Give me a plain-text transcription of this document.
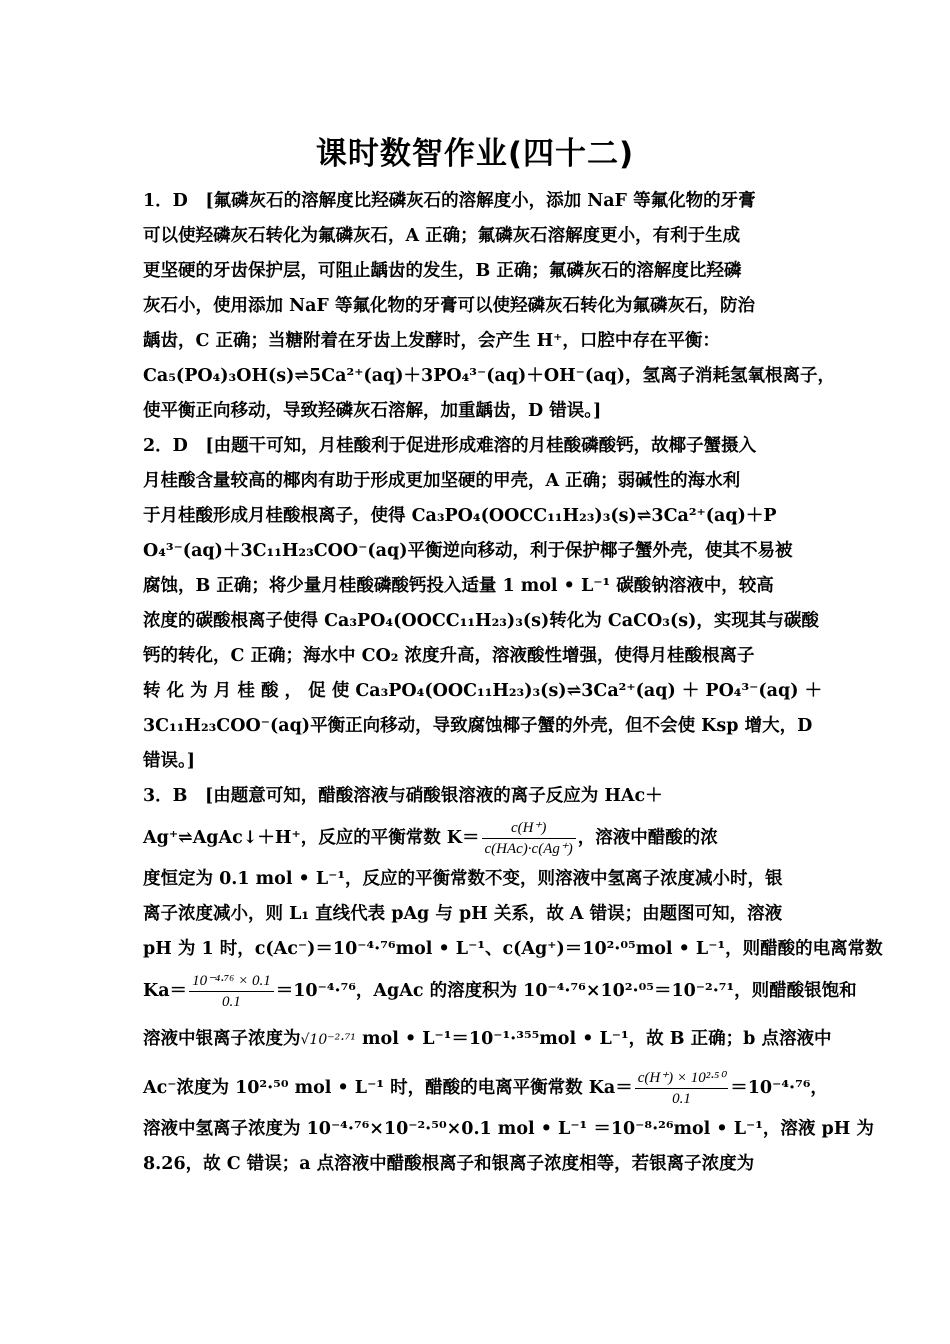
课时数智作业(四十二)

1．D　[氟磷灰石的溶解度比羟磷灰石的溶解度小，添加 NaF 等氟化物的牙膏
可以使羟磷灰石转化为氟磷灰石，A 正确；氟磷灰石溶解度更小，有利于生成
更坚硬的牙齿保护层，可阻止龋齿的发生，B 正确；氟磷灰石的溶解度比羟磷
灰石小，使用添加 NaF 等氟化物的牙膏可以使羟磷灰石转化为氟磷灰石，防治
龋齿，C 正确；当糖附着在牙齿上发酵时，会产生 H⁺，口腔中存在平衡：
Ca₅(PO₄)₃OH(s)⇌5Ca²⁺(aq)＋3PO₄³⁻(aq)＋OH⁻(aq)，氢离子消耗氢氧根离子，
使平衡正向移动，导致羟磷灰石溶解，加重龋齿，D 错误。]

2．D　[由题干可知，月桂酸利于促进形成难溶的月桂酸磷酸钙，故椰子蟹摄入
月桂酸含量较高的椰肉有助于形成更加坚硬的甲壳，A 正确；弱碱性的海水利
于月桂酸形成月桂酸根离子，使得 Ca₃PO₄(OOCC₁₁H₂₃)₃(s)⇌3Ca²⁺(aq)＋P
O₄³⁻(aq)＋3C₁₁H₂₃COO⁻(aq)平衡逆向移动，利于保护椰子蟹外壳，使其不易被
腐蚀，B 正确；将少量月桂酸磷酸钙投入适量 1 mol • L⁻¹ 碳酸钠溶液中，较高
浓度的碳酸根离子使得 Ca₃PO₄(OOCC₁₁H₂₃)₃(s)转化为 CaCO₃(s)，实现其与碳酸
钙的转化，C 正确；海水中 CO₂ 浓度升高，溶液酸性增强，使得月桂酸根离子
转 化 为 月 桂 酸 ， 促 使 Ca₃PO₄(OOC₁₁H₂₃)₃(s)⇌3Ca²⁺(aq) ＋ PO₄³⁻(aq) ＋
3C₁₁H₂₃COO⁻(aq)平衡正向移动，导致腐蚀椰子蟹的外壳，但不会使 Ksp 增大，D
错误。]

3．B　[由题意可知，醋酸溶液与硝酸银溶液的离子反应为 HAc＋
Ag⁺⇌AgAc↓＋H⁺，反应的平衡常数 $K= \frac{c(H^+)}{\text{c(HAc)·c(Ag⁺)}}$ ，溶液中醋酸的浓
度恒定为 0.1 mol • L⁻¹，反应的平衡常数不变，则溶液中氢离子浓度减小时，银
离子浓度减小，则 L₁ 直线代表 pAg 与 pH 关系，故 A 错误；由题图可知，溶液
pH 为 1 时，c(Ac⁻)＝10⁻⁴·⁷⁶mol • L⁻¹、c(Ag⁺)＝10²·⁰⁵mol • L⁻¹，则醋酸的电离常数
$Ka= \frac{\text{10⁻⁴·⁷⁶ × 0.1}}{0.1} =10^{-4}\cdot^{76}$，AgAc 的溶度积为 10⁻⁴·⁷⁶×10²·⁰⁵＝10⁻²·⁷¹，则醋酸银饱和
溶液中银离子浓度为√10⁻²·⁷¹ mol • L⁻¹＝10⁻¹·³⁵⁵mol • L⁻¹，故 B 正确；b 点溶液中
Ac⁻浓度为 10²·⁵⁰ mol • L⁻¹ 时，醋酸的电离平衡常数 $Ka= \frac{\text{c(H⁺) × 10²·⁵⁰}}{0.1} =10^{-4}\cdot^{76}$，
溶液中氢离子浓度为 10⁻⁴·⁷⁶×10⁻²·⁵⁰×0.1 mol • L⁻¹ ＝10⁻⁸·²⁶mol • L⁻¹，溶液 pH 为
8.26，故 C 错误；a 点溶液中醋酸根离子和银离子浓度相等，若银离子浓度为
